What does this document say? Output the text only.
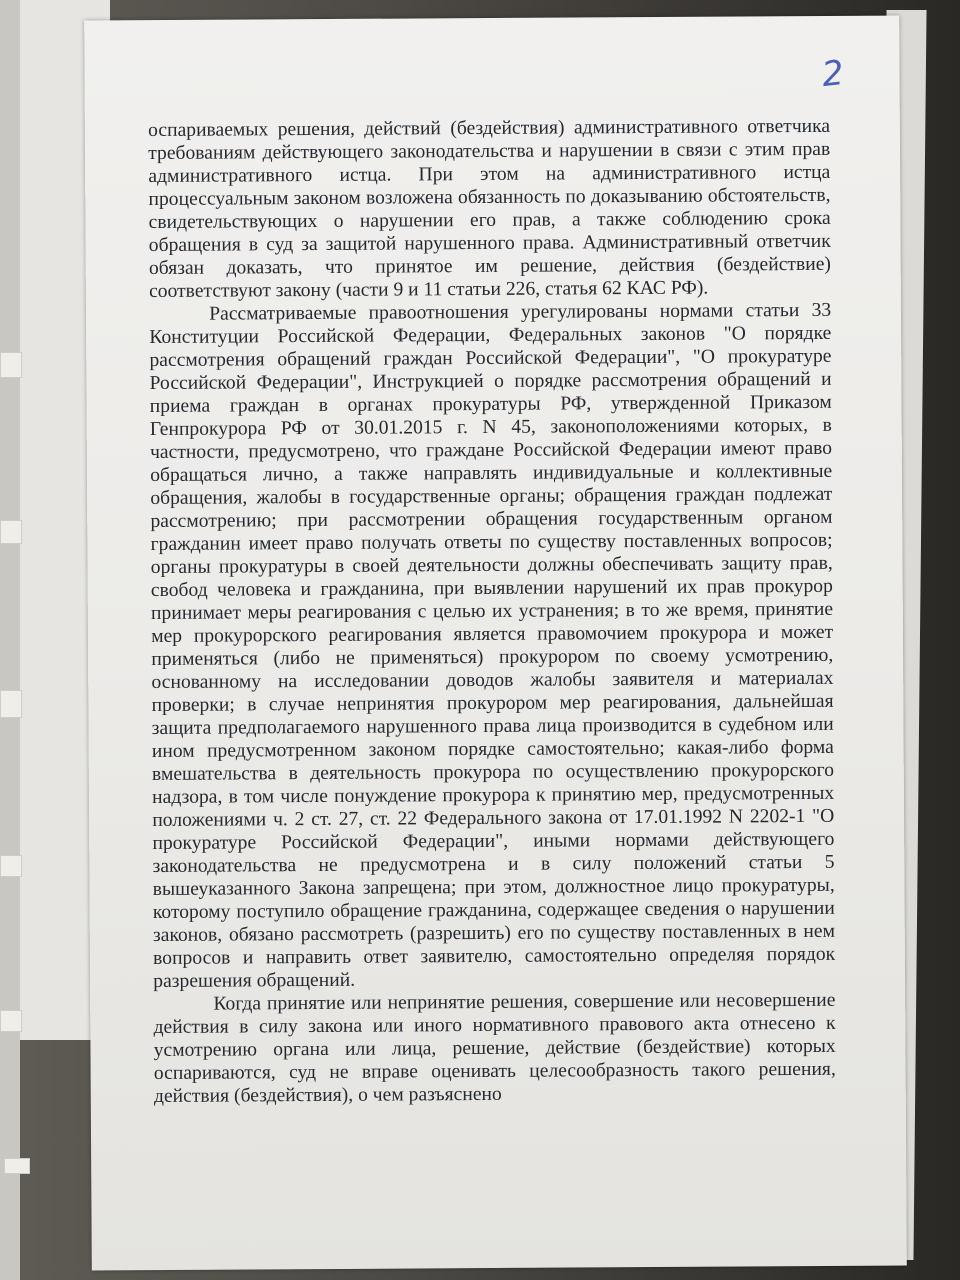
2

оспариваемых решения, действий (бездействия) административного ответчика требованиям действующего законодательства и нарушении в связи с этим прав административного истца. При этом на административного истца процессуальным законом возложена обязанность по доказыванию обстоятельств, свидетельствующих о нарушении его прав, а также соблюдению срока обращения в суд за защитой нарушенного права. Административный ответчик обязан доказать, что принятое им решение, действия (бездействие) соответствуют закону (части 9 и 11 статьи 226, статья 62 КАС РФ).

Рассматриваемые правоотношения урегулированы нормами статьи 33 Конституции Российской Федерации, Федеральных законов "О порядке рассмотрения обращений граждан Российской Федерации", "О прокуратуре Российской Федерации", Инструкцией о порядке рассмотрения обращений и приема граждан в органах прокуратуры РФ, утвержденной Приказом Генпрокурора РФ от 30.01.2015 г. N 45, законоположениями которых, в частности, предусмотрено, что граждане Российской Федерации имеют право обращаться лично, а также направлять индивидуальные и коллективные обращения, жалобы в государственные органы; обращения граждан подлежат рассмотрению; при рассмотрении обращения государственным органом гражданин имеет право получать ответы по существу поставленных вопросов; органы прокуратуры в своей деятельности должны обеспечивать защиту прав, свобод человека и гражданина, при выявлении нарушений их прав прокурор принимает меры реагирования с целью их устранения; в то же время, принятие мер прокурорского реагирования является правомочием прокурора и может применяться (либо не применяться) прокурором по своему усмотрению, основанному на исследовании доводов жалобы заявителя и материалах проверки; в случае непринятия прокурором мер реагирования, дальнейшая защита предполагаемого нарушенного права лица производится в судебном или ином предусмотренном законом порядке самостоятельно; какая-либо форма вмешательства в деятельность прокурора по осуществлению прокурорского надзора, в том числе понуждение прокурора к принятию мер, предусмотренных положениями ч. 2 ст. 27, ст. 22 Федерального закона от 17.01.1992 N 2202-1 "О прокуратуре Российской Федерации", иными нормами действующего законодательства не предусмотрена и в силу положений статьи 5 вышеуказанного Закона запрещена; при этом, должностное лицо прокуратуры, которому поступило обращение гражданина, содержащее сведения о нарушении законов, обязано рассмотреть (разрешить) его по существу поставленных в нем вопросов и направить ответ заявителю, самостоятельно определяя порядок разрешения обращений.

Когда принятие или непринятие решения, совершение или несовершение действия в силу закона или иного нормативного правового акта отнесено к усмотрению органа или лица, решение, действие (бездействие) которых оспариваются, суд не вправе оценивать целесообразность такого решения, действия (бездействия), о чем разъяснено
